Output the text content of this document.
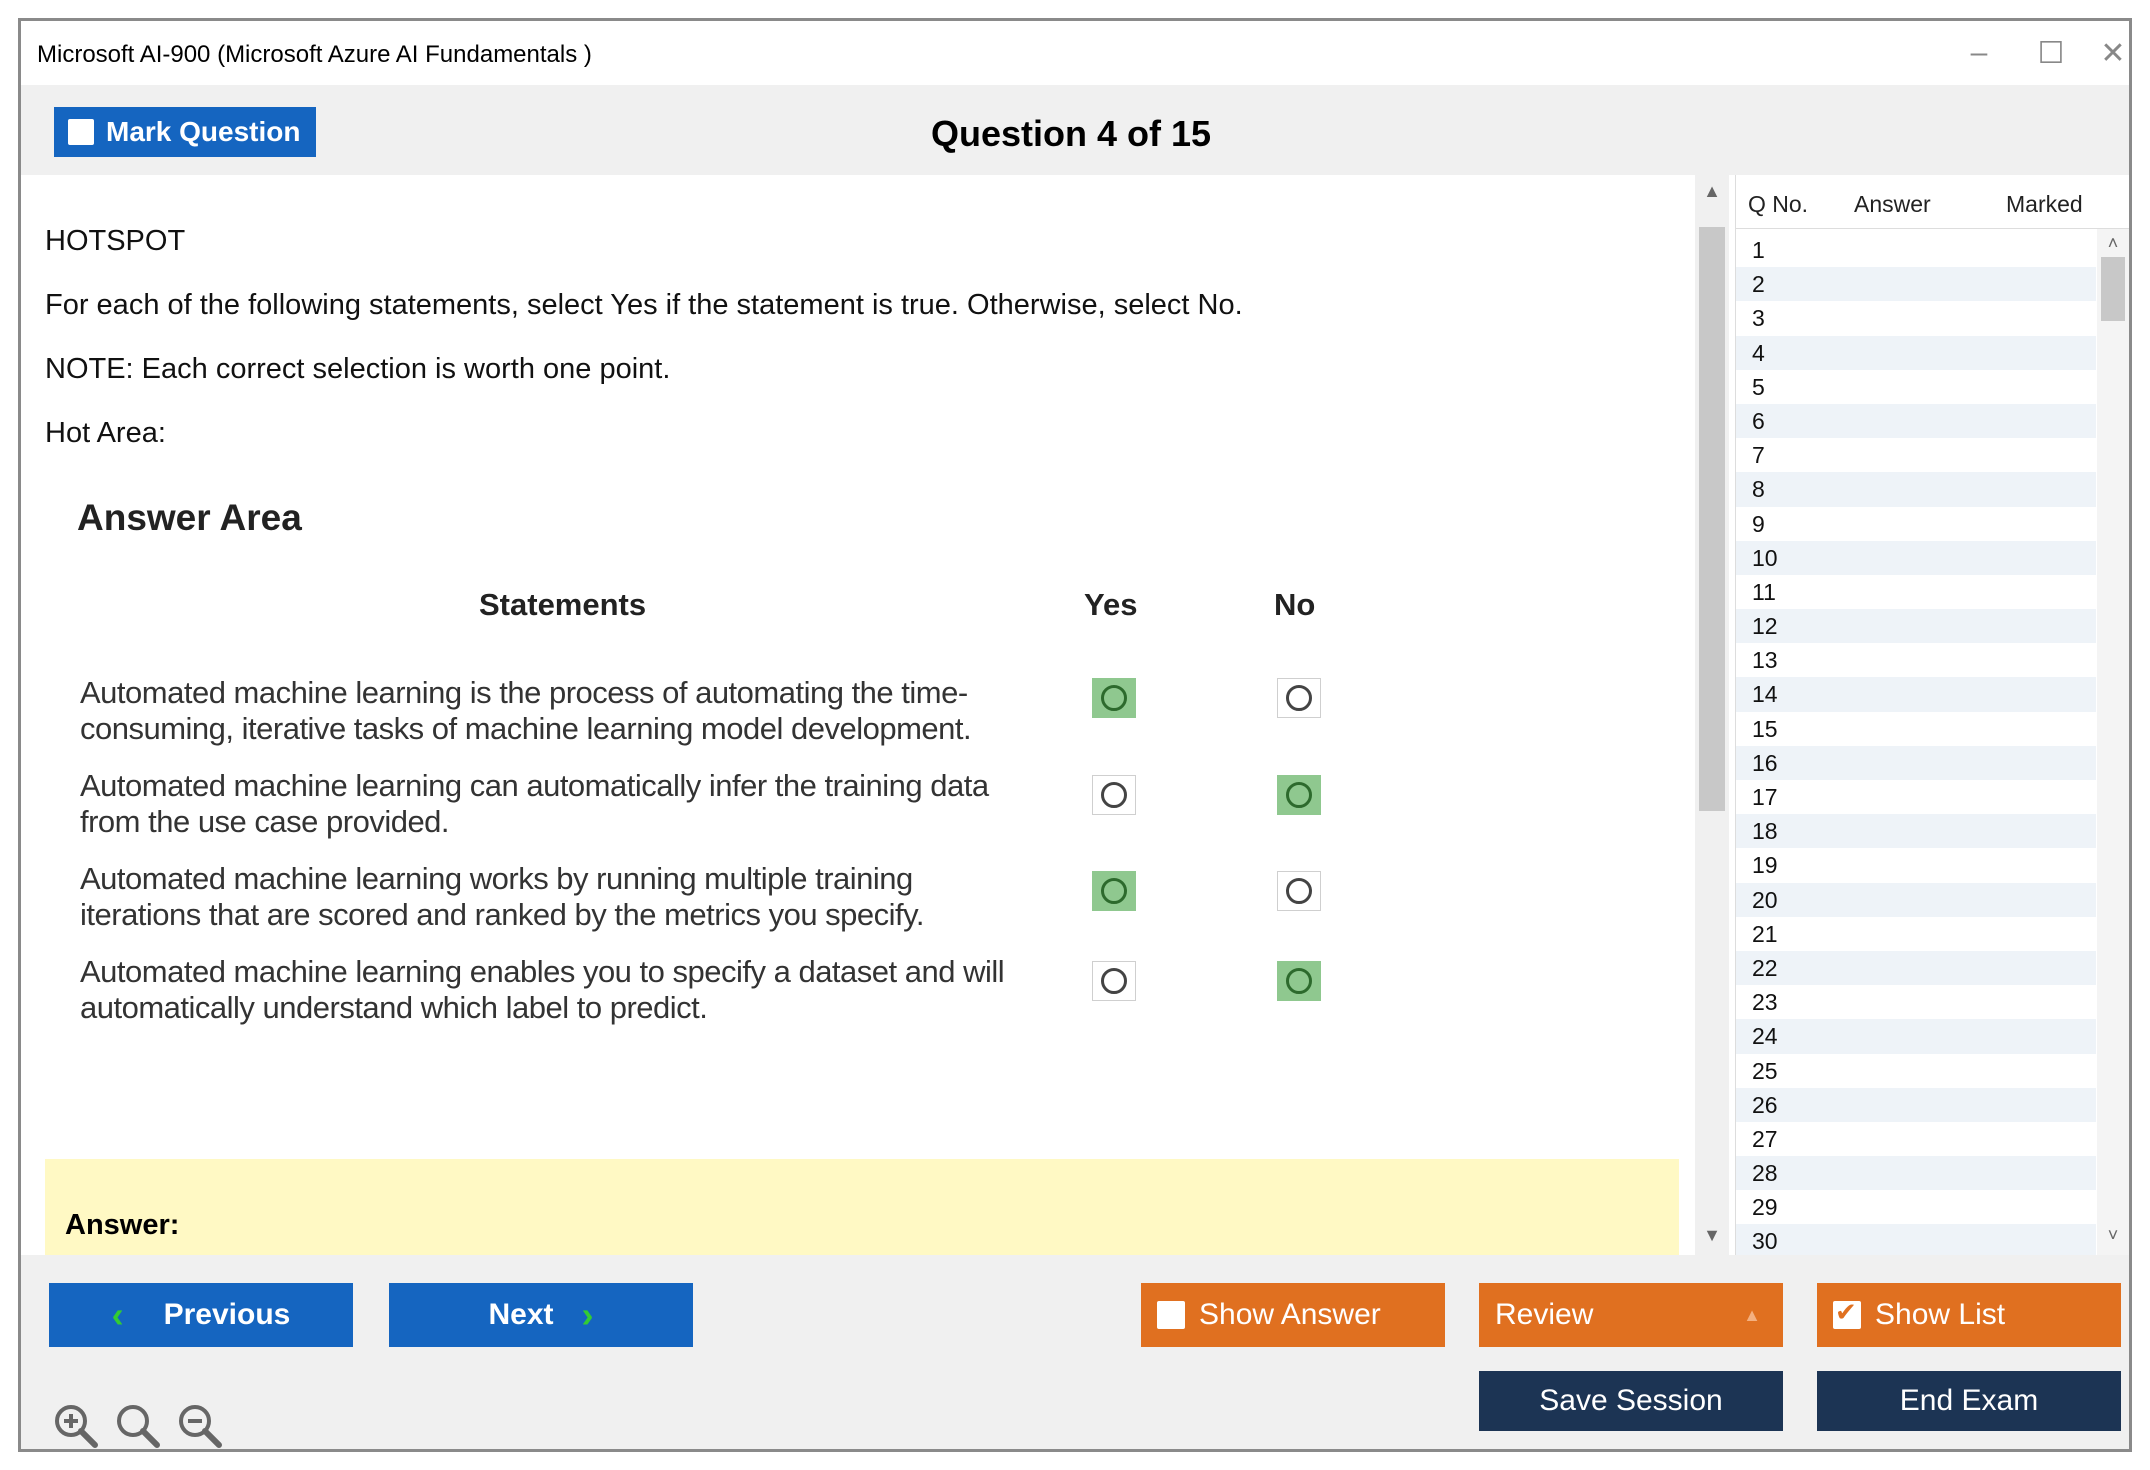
Microsoft AI-900 (Microsoft Azure AI Fundamentals )	–	☐	✕
Mark Question	Question 4 of 15
HOTSPOT
For each of the following statements, select Yes if the statement is true. Otherwise, select No.
NOTE: Each correct selection is worth one point.
Hot Area:
Answer Area
Statements	Yes	No
Automated machine learning is the process of automating the time-
consuming, iterative tasks of machine learning model development.
Automated machine learning can automatically infer the training data
from the use case provided.
Automated machine learning works by running multiple training
iterations that are scored and ranked by the metrics you specify.
Automated machine learning enables you to specify a dataset and will
automatically understand which label to predict.
Answer:
▲
▼
Q No. Answer	Marked
1
2
3
4
5
6
7
8
9
10
11
12
13
14
15
16
17
18
19
20
21
22
23
24
25
26
27
28
29
30
˄
˅
‹ Previous	Next ›	Show Answer	Review	▲
✔	Show List
Save Session	End Exam
